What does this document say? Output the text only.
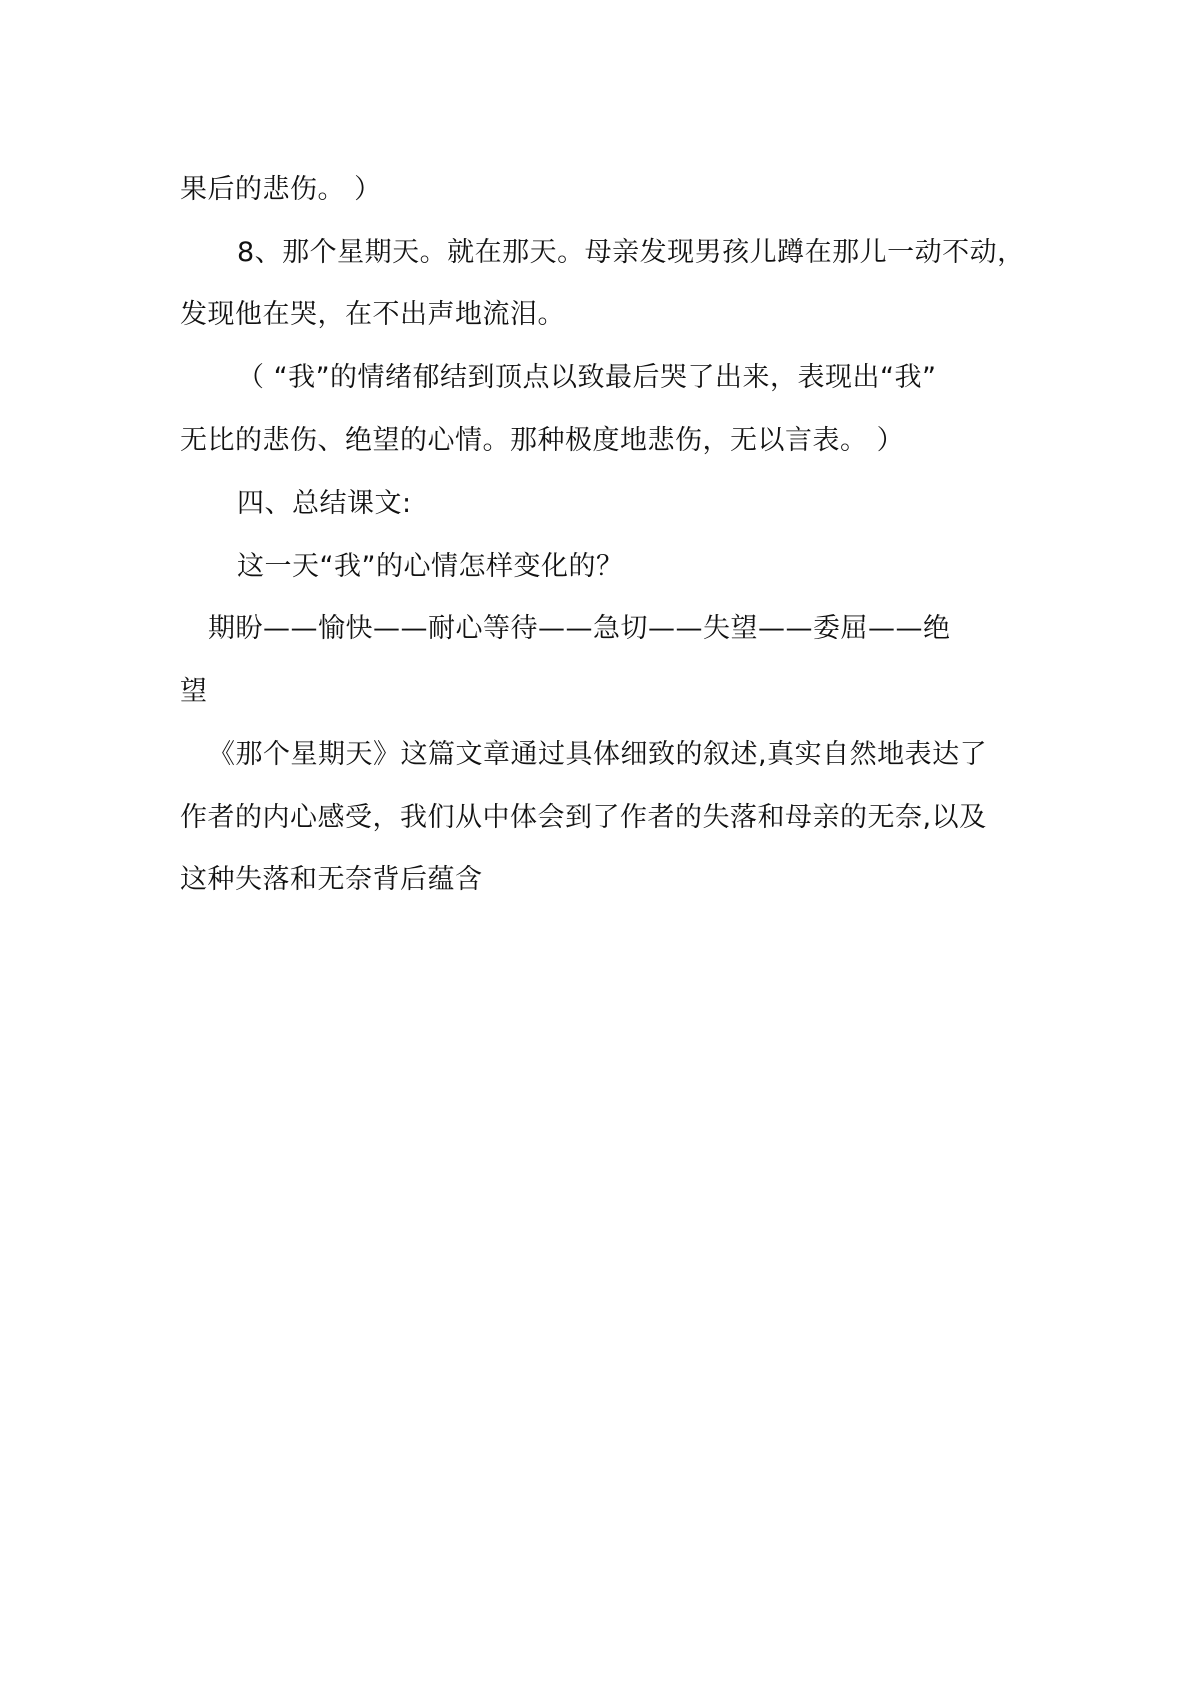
果后的悲伤。 ）
8、那个星期天。就在那天。母亲发现男孩儿蹲在那儿一动不动，
发现他在哭，在不出声地流泪。
（ “我”的情绪郁结到顶点以致最后哭了出来，表现出“我”
无比的悲伤、绝望的心情。那种极度地悲伤，无以言表。 ）
四、总结课文:
这一天“我”的心情怎样变化的？
期盼——愉快——耐心等待——急切——失望——委屈——绝
望
《那个星期天》这篇文章通过具体细致的叙述,真实自然地表达了
作者的内心感受，我们从中体会到了作者的失落和母亲的无奈,以及
这种失落和无奈背后蕴含
